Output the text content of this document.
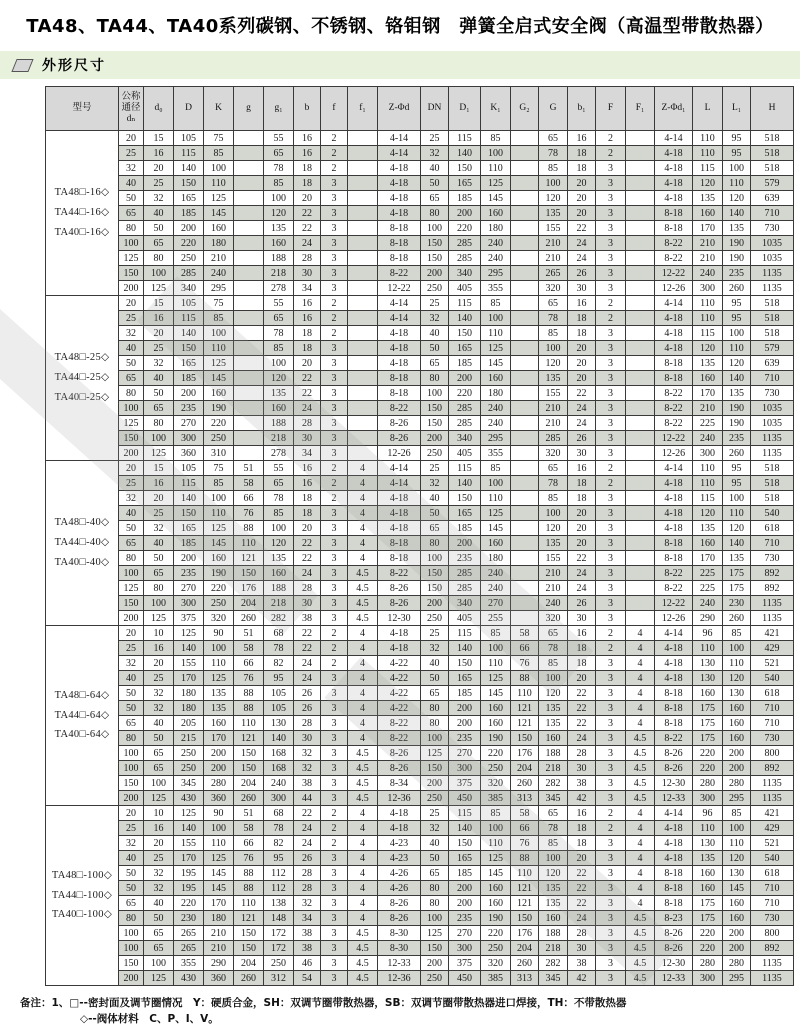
TA48、TA44、TA40系列碳钢、不锈钢、铬钼钢　弹簧全启式安全阀（高温型带散热器）
外形尺寸
型号	公称通径 dₙ	d₀	D	K	g	g₁	b	f	f₁	Z-Φd	DN	D₁	K₁	G₂	G	b₁	F	F₁	Z-Φd₁	L	L₁	H

TA48□-16◇
TA44□-16◇
TA40□-16◇	20	15	105	75		55	16	2		4-14	25	115	85		65	16	2		4-14	110	95	518
	25	16	115	85		65	16	2		4-14	32	140	100		78	18	2		4-18	110	95	518
	32	20	140	100		78	18	2		4-18	40	150	110		85	18	3		4-18	115	100	518
	40	25	150	110		85	18	3		4-18	50	165	125		100	20	3		4-18	120	110	579
	50	32	165	125		100	20	3		4-18	65	185	145		120	20	3		4-18	135	120	639
	65	40	185	145		120	22	3		4-18	80	200	160		135	20	3		8-18	160	140	710
	80	50	200	160		135	22	3		8-18	100	220	180		155	22	3		8-18	170	135	730
	100	65	220	180		160	24	3		8-18	150	285	240		210	24	3		8-22	210	190	1035
	125	80	250	210		188	28	3		8-18	150	285	240		210	24	3		8-22	210	190	1035
	150	100	285	240		218	30	3		8-22	200	340	295		265	26	3		12-22	240	235	1135
	200	125	340	295		278	34	3		12-22	250	405	355		320	30	3		12-26	300	260	1135

TA48□-25◇
TA44□-25◇
TA40□-25◇	20	15	105	75		55	16	2		4-14	25	115	85		65	16	2		4-14	110	95	518
	25	16	115	85		65	16	2		4-14	32	140	100		78	18	2		4-18	110	95	518
	32	20	140	100		78	18	2		4-18	40	150	110		85	18	3		4-18	115	100	518
	40	25	150	110		85	18	3		4-18	50	165	125		100	20	3		4-18	120	110	579
	50	32	165	125		100	20	3		4-18	65	185	145		120	20	3		8-18	135	120	639
	65	40	185	145		120	22	3		8-18	80	200	160		135	20	3		8-18	160	140	710
	80	50	200	160		135	22	3		8-18	100	220	180		155	22	3		8-22	170	135	730
	100	65	235	190		160	24	3		8-22	150	285	240		210	24	3		8-22	210	190	1035
	125	80	270	220		188	28	3		8-26	150	285	240		210	24	3		8-22	225	190	1035
	150	100	300	250		218	30	3		8-26	200	340	295		285	26	3		12-22	240	235	1135
	200	125	360	310		278	34	3		12-26	250	405	355		320	30	3		12-26	300	260	1135

TA48□-40◇
TA44□-40◇
TA40□-40◇	20	15	105	75	51	55	16	2	4	4-14	25	115	85		65	16	2		4-14	110	95	518
	25	16	115	85	58	65	16	2	4	4-14	32	140	100		78	18	2		4-18	110	95	518
	32	20	140	100	66	78	18	2	4	4-18	40	150	110		85	18	3		4-18	115	100	518
	40	25	150	110	76	85	18	3	4	4-18	50	165	125		100	20	3		4-18	120	110	540
	50	32	165	125	88	100	20	3	4	4-18	65	185	145		120	20	3		4-18	135	120	618
	65	40	185	145	110	120	22	3	4	8-18	80	200	160		135	20	3		8-18	160	140	710
	80	50	200	160	121	135	22	3	4	8-18	100	235	180		155	22	3		8-18	170	135	730
	100	65	235	190	150	160	24	3	4.5	8-22	150	285	240		210	24	3		8-22	225	175	892
	125	80	270	220	176	188	28	3	4.5	8-26	150	285	240		210	24	3		8-22	225	175	892
	150	100	300	250	204	218	30	3	4.5	8-26	200	340	270		240	26	3		12-22	240	230	1135
	200	125	375	320	260	282	38	3	4.5	12-30	250	405	255		320	30	3		12-26	290	260	1135

TA48□-64◇
TA44□-64◇
TA40□-64◇	20	10	125	90	51	68	22	2	4	4-18	25	115	85	58	65	16	2	4	4-14	96	85	421
	25	16	140	100	58	78	22	2	4	4-18	32	140	100	66	78	18	2	4	4-18	110	100	429
	32	20	155	110	66	82	24	2	4	4-22	40	150	110	76	85	18	3	4	4-18	130	110	521
	40	25	170	125	76	95	24	3	4	4-22	50	165	125	88	100	20	3	4	4-18	130	120	540
	50	32	180	135	88	105	26	3	4	4-22	65	185	145	110	120	22	3	4	8-18	160	130	618
	50	32	180	135	88	105	26	3	4	4-22	80	200	160	121	135	22	3	4	8-18	175	160	710
	65	40	205	160	110	130	28	3	4	8-22	80	200	160	121	135	22	3	4	8-18	175	160	710
	80	50	215	170	121	140	30	3	4	8-22	100	235	190	150	160	24	3	4.5	8-22	175	160	730
	100	65	250	200	150	168	32	3	4.5	8-26	125	270	220	176	188	28	3	4.5	8-26	220	200	800
	100	65	250	200	150	168	32	3	4.5	8-26	150	300	250	204	218	30	3	4.5	8-26	220	200	892
	150	100	345	280	204	240	38	3	4.5	8-34	200	375	320	260	282	38	3	4.5	12-30	280	280	1135
	200	125	430	360	260	300	44	3	4.5	12-36	250	450	385	313	345	42	3	4.5	12-33	300	295	1135

TA48□-100◇
TA44□-100◇
TA40□-100◇	20	10	125	90	51	68	22	2	4	4-18	25	115	85	58	65	16	2	4	4-14	96	85	421
	25	16	140	100	58	78	24	2	4	4-18	32	140	100	66	78	18	2	4	4-18	110	100	429
	32	20	155	110	66	82	24	2	4	4-23	40	150	110	76	85	18	3	4	4-18	130	110	521
	40	25	170	125	76	95	26	3	4	4-23	50	165	125	88	100	20	3	4	4-18	135	120	540
	50	32	195	145	88	112	28	3	4	4-26	65	185	145	110	120	22	3	4	8-18	160	130	618
	50	32	195	145	88	112	28	3	4	4-26	80	200	160	121	135	22	3	4	8-18	160	145	710
	65	40	220	170	110	138	32	3	4	8-26	80	200	160	121	135	22	3	4	8-18	175	160	710
	80	50	230	180	121	148	34	3	4	8-26	100	235	190	150	160	24	3	4.5	8-23	175	160	730
	100	65	265	210	150	172	38	3	4.5	8-30	125	270	220	176	188	28	3	4.5	8-26	220	200	800
	100	65	265	210	150	172	38	3	4.5	8-30	150	300	250	204	218	30	3	4.5	8-26	220	200	892
	150	100	355	290	204	250	46	3	4.5	12-33	200	375	320	260	282	38	3	4.5	12-30	280	280	1135
	200	125	430	360	260	312	54	3	4.5	12-36	250	450	385	313	345	42	3	4.5	12-33	300	295	1135
备注：1、□--密封面及调节圈情况　Y：硬质合金，SH：双调节圈带散热器，SB：双调节圈带散热器进口焊接，TH：不带散热器
◇--阀体材料　C、P、I、V。
